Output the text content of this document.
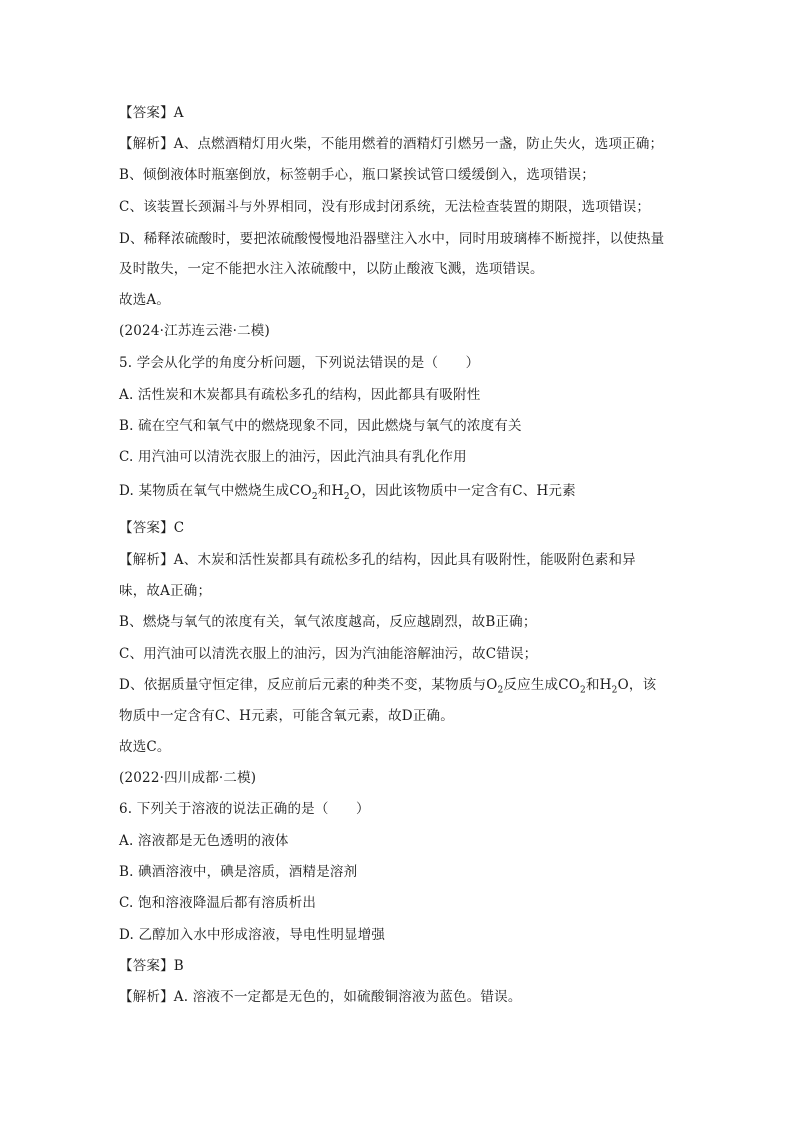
【答案】A
【解析】A、点燃酒精灯用火柴，不能用燃着的酒精灯引燃另一盏，防止失火，选项正确；
B、倾倒液体时瓶塞倒放，标签朝手心，瓶口紧挨试管口缓缓倒入，选项错误；
C、该装置长颈漏斗与外界相同，没有形成封闭系统，无法检查装置的期限，选项错误；
D、稀释浓硫酸时，要把浓硫酸慢慢地沿器壁注入水中，同时用玻璃棒不断搅拌，以使热量
及时散失，一定不能把水注入浓硫酸中，以防止酸液飞溅，选项错误。
故选A。
(2024·江苏连云港·二模)
5. 学会从化学的角度分析问题，下列说法错误的是（　　）
A. 活性炭和木炭都具有疏松多孔的结构，因此都具有吸附性
B. 硫在空气和氧气中的燃烧现象不同，因此燃烧与氧气的浓度有关
C. 用汽油可以清洗衣服上的油污，因此汽油具有乳化作用
D. 某物质在氧气中燃烧生成$CO_2$和$H_2O$，因此该物质中一定含有C、H元素
【答案】C
【解析】A、木炭和活性炭都具有疏松多孔的结构，因此具有吸附性，能吸附色素和异
味，故A正确；
B、燃烧与氧气的浓度有关，氧气浓度越高，反应越剧烈，故B正确；
C、用汽油可以清洗衣服上的油污，因为汽油能溶解油污，故C错误；
D、依据质量守恒定律，反应前后元素的种类不变，某物质与$O_2$反应生成$CO_2$和$H_2O$，该
物质中一定含有C、H元素，可能含氧元素，故D正确。
故选C。
(2022·四川成都·二模)
6. 下列关于溶液的说法正确的是（　　）
A. 溶液都是无色透明的液体
B. 碘酒溶液中，碘是溶质，酒精是溶剂
C. 饱和溶液降温后都有溶质析出
D. 乙醇加入水中形成溶液，导电性明显增强
【答案】B
【解析】A. 溶液不一定都是无色的，如硫酸铜溶液为蓝色。错误。
